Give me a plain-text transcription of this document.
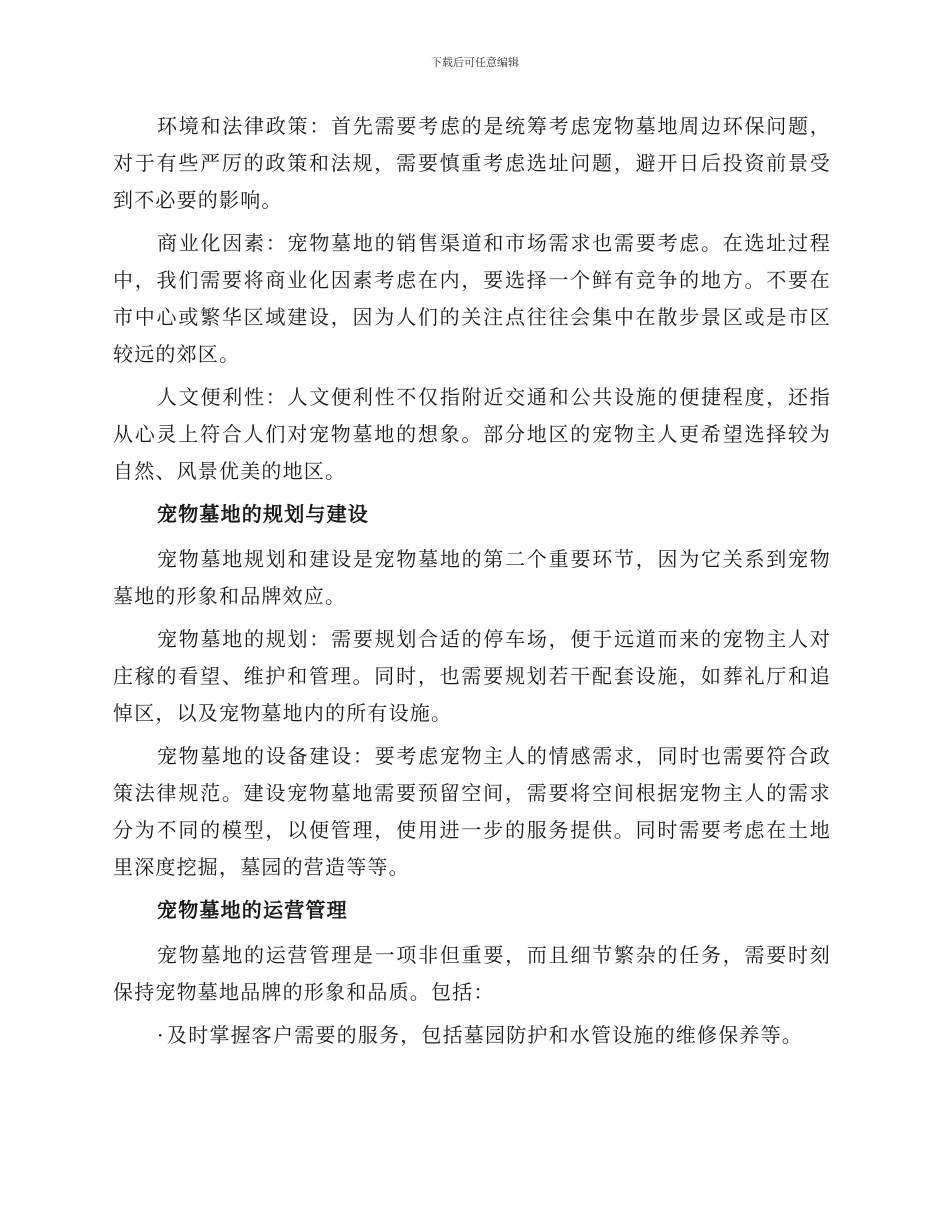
下载后可任意编辑

环境和法律政策：首先需要考虑的是统筹考虑宠物墓地周边环保问题，对于有些严厉的政策和法规，需要慎重考虑选址问题，避开日后投资前景受到不必要的影响。

商业化因素：宠物墓地的销售渠道和市场需求也需要考虑。在选址过程中，我们需要将商业化因素考虑在内，要选择一个鲜有竞争的地方。不要在市中心或繁华区域建设，因为人们的关注点往往会集中在散步景区或是市区较远的郊区。

人文便利性：人文便利性不仅指附近交通和公共设施的便捷程度，还指从心灵上符合人们对宠物墓地的想象。部分地区的宠物主人更希望选择较为自然、风景优美的地区。

宠物墓地的规划与建设

宠物墓地规划和建设是宠物墓地的第二个重要环节，因为它关系到宠物墓地的形象和品牌效应。

宠物墓地的规划：需要规划合适的停车场，便于远道而来的宠物主人对庄稼的看望、维护和管理。同时，也需要规划若干配套设施，如葬礼厅和追悼区，以及宠物墓地内的所有设施。

宠物墓地的设备建设：要考虑宠物主人的情感需求，同时也需要符合政策法律规范。建设宠物墓地需要预留空间，需要将空间根据宠物主人的需求分为不同的模型，以便管理，使用进一步的服务提供。同时需要考虑在土地里深度挖掘，墓园的营造等等。

宠物墓地的运营管理

宠物墓地的运营管理是一项非但重要，而且细节繁杂的任务，需要时刻保持宠物墓地品牌的形象和品质。包括：

· 及时掌握客户需要的服务，包括墓园防护和水管设施的维修保养等。
